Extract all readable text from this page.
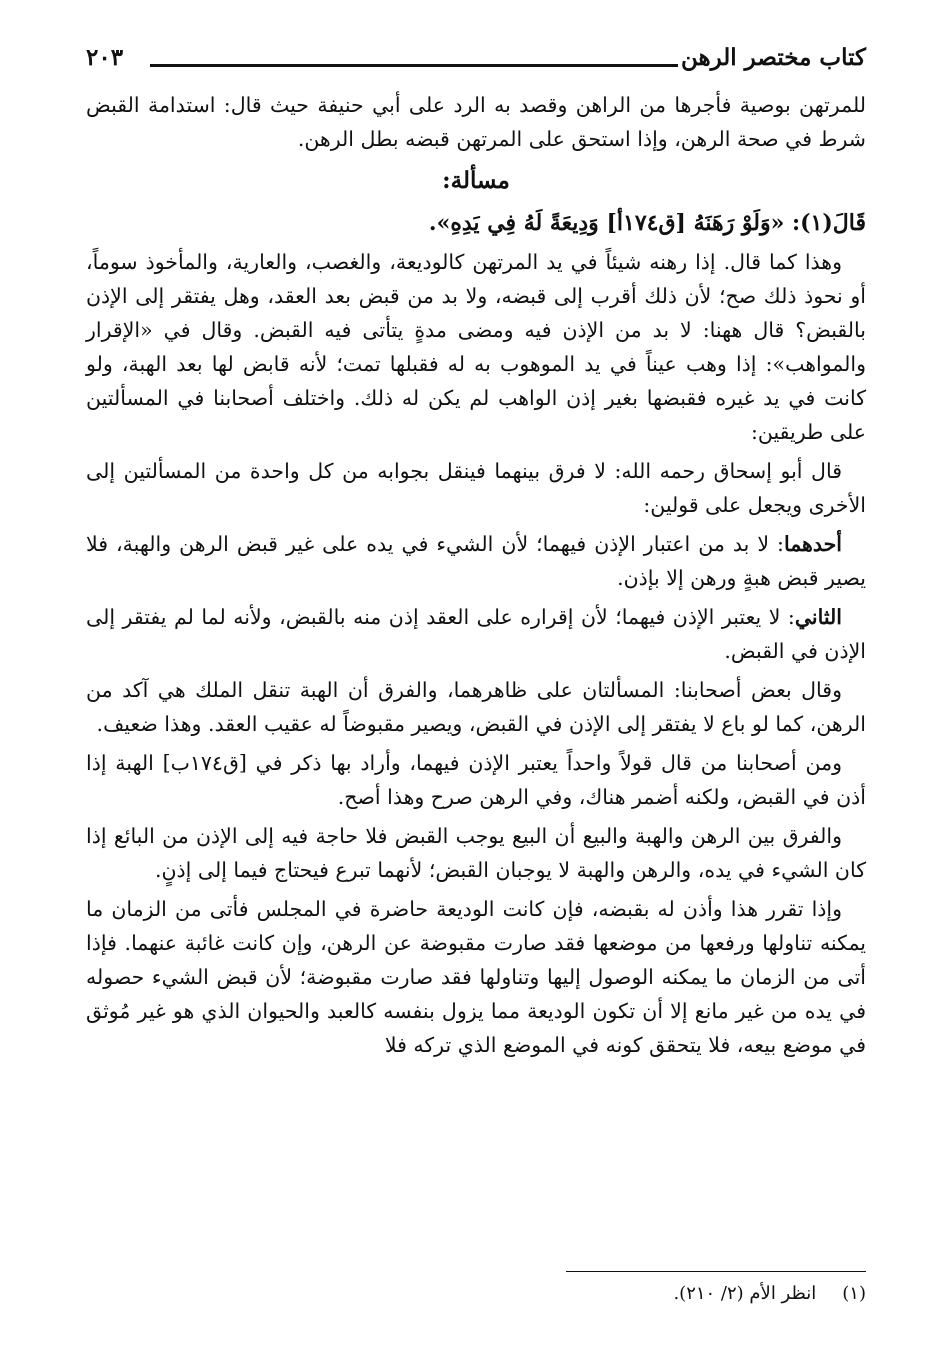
كتاب مختصر الرهن
٢٠٣

للمرتهن بوصية فأجرها من الراهن وقصد به الرد على أبي حنيفة حيث قال: استدامة القبض شرط في صحة الرهن، وإذا استحق على المرتهن قبضه بطل الرهن.

مسألة:

قَالَ(١): «وَلَوْ رَهَنَهُ [ق١٧٤أ] وَدِيعَةً لَهُ فِي يَدِهِ».

وهذا كما قال. إذا رهنه شيئاً في يد المرتهن كالوديعة، والغصب، والعارية، والمأخوذ سوماً، أو نحوذ ذلك صح؛ لأن ذلك أقرب إلى قبضه، ولا بد من قبض بعد العقد، وهل يفتقر إلى الإذن بالقبض؟ قال ههنا: لا بد من الإذن فيه ومضى مدةٍ يتأتى فيه القبض. وقال في «الإقرار والمواهب»: إذا وهب عيناً في يد الموهوب به له فقبلها تمت؛ لأنه قابض لها بعد الهبة، ولو كانت في يد غيره فقبضها بغير إذن الواهب لم يكن له ذلك. واختلف أصحابنا في المسألتين على طريقين:

قال أبو إسحاق رحمه الله: لا فرق بينهما فينقل بجوابه من كل واحدة من المسألتين إلى الأخرى ويجعل على قولين:

أحدهما: لا بد من اعتبار الإذن فيهما؛ لأن الشيء في يده على غير قبض الرهن والهبة، فلا يصير قبض هبةٍ ورهن إلا بإذن.

الثاني: لا يعتبر الإذن فيهما؛ لأن إقراره على العقد إذن منه بالقبض، ولأنه لما لم يفتقر إلى الإذن في القبض.

وقال بعض أصحابنا: المسألتان على ظاهرهما، والفرق أن الهبة تنقل الملك هي آكد من الرهن، كما لو باع لا يفتقر إلى الإذن في القبض، ويصير مقبوضاً له عقيب العقد. وهذا ضعيف.

ومن أصحابنا من قال قولاً واحداً يعتبر الإذن فيهما، وأراد بها ذكر في [ق١٧٤ب] الهبة إذا أذن في القبض، ولكنه أضمر هناك، وفي الرهن صرح وهذا أصح.

والفرق بين الرهن والهبة والبيع أن البيع يوجب القبض فلا حاجة فيه إلى الإذن من البائع إذا كان الشيء في يده، والرهن والهبة لا يوجبان القبض؛ لأنهما تبرع فيحتاج فيما إلى إذنٍ.

وإذا تقرر هذا وأذن له بقبضه، فإن كانت الوديعة حاضرة في المجلس فأتى من الزمان ما يمكنه تناولها ورفعها من موضعها فقد صارت مقبوضة عن الرهن، وإن كانت غائبة عنهما. فإذا أتى من الزمان ما يمكنه الوصول إليها وتناولها فقد صارت مقبوضة؛ لأن قبض الشيء حصوله في يده من غير مانع إلا أن تكون الوديعة مما يزول بنفسه كالعبد والحيوان الذي هو غير مُوثق في موضع بيعه، فلا يتحقق كونه في الموضع الذي تركه فلا

(١)انظر الأم (٢/ ٢١٠).
